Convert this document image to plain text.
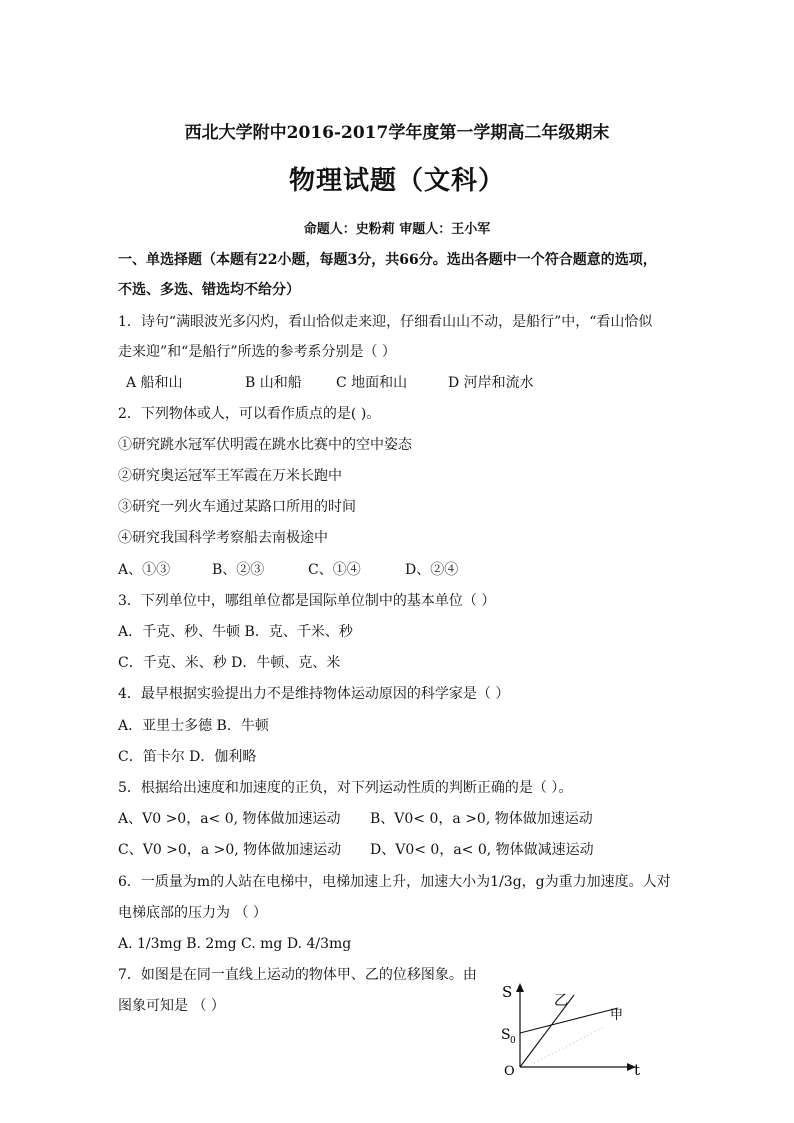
西北大学附中2016-2017学年度第一学期高二年级期末
物理试题（文科）
命题人：史粉莉 审题人：王小军
一、单选择题（本题有22小题，每题3分，共66分。选出各题中一个符合题意的选项，
不选、多选、错选均不给分）
1．诗句“满眼波光多闪灼，看山恰似走来迎，仔细看山山不动，是船行”中，“看山恰似
走来迎”和“是船行”所选的参考系分别是（ ）
A 船和山	B 山和船 C 地面和山	D 河岸和流水
2．下列物体或人，可以看作质点的是( )。
①研究跳水冠军伏明霞在跳水比赛中的空中姿态
②研究奥运冠军王军霞在万米长跑中
③研究一列火车通过某路口所用的时间
④研究我国科学考察船去南极途中
A、①③	B、②③	C、①④	D、②④
3．下列单位中，哪组单位都是国际单位制中的基本单位（ ）
A．千克、秒、牛顿 B．克、千米、秒
C．千克、米、秒 D．牛顿、克、米
4．最早根据实验提出力不是维持物体运动原因的科学家是（ ）
A．亚里士多德 B．牛顿
C．笛卡尔 D．伽利略
5．根据给出速度和加速度的正负，对下列运动性质的判断正确的是（ ）。
A、V0 >0，a< 0, 物体做加速运动 B、V0< 0，a >0, 物体做加速运动
C、V0 >0，a >0, 物体做加速运动 D、V0< 0，a< 0, 物体做减速运动
6．一质量为m的人站在电梯中，电梯加速上升，加速大小为1/3g，g为重力加速度。人对
电梯底部的压力为 （ ）
A. 1/3mg B. 2mg C. mg D. 4/3mg
7．如图是在同一直线上运动的物体甲、乙的位移图象。由
图象可知是 （ ）
S
t
O
S 0
乙
甲
